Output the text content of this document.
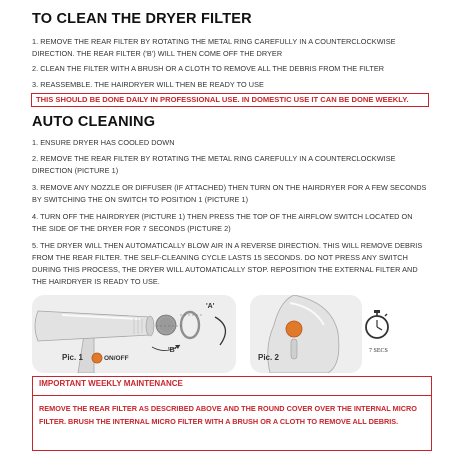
TO CLEAN THE DRYER FILTER

1. REMOVE THE REAR FILTER BY ROTATING THE METAL RING CAREFULLY IN A COUNTERCLOCKWISE DIRECTION. THE REAR FILTER ('B') WILL THEN COME OFF THE DRYER

2. CLEAN THE FILTER WITH A BRUSH OR A CLOTH TO REMOVE ALL THE DEBRIS FROM THE FILTER

3. REASSEMBLE. THE HAIRDRYER WILL THEN BE READY TO USE

THIS SHOULD BE DONE DAILY IN PROFESSIONAL USE. IN DOMESTIC USE IT CAN BE DONE WEEKLY.
AUTO CLEANING

1. ENSURE DRYER HAS COOLED DOWN

2. REMOVE THE REAR FILTER BY ROTATING THE METAL RING CAREFULLY IN A COUNTERCLOCKWISE DIRECTION (PICTURE 1)

3. REMOVE ANY NOZZLE OR DIFFUSER (IF ATTACHED) THEN TURN ON THE HAIRDRYER FOR A FEW SECONDS BY SWITCHING THE ON SWITCH TO POSITION 1 (PICTURE 1)

4. TURN OFF THE HAIRDRYER (PICTURE 1) THEN PRESS THE TOP OF THE AIRFLOW SWITCH LOCATED ON THE SIDE OF THE DRYER FOR 7 SECONDS (PICTURE 2)

5. THE DRYER WILL THEN AUTOMATICALLY BLOW AIR IN A REVERSE DIRECTION. THIS WILL REMOVE DEBRIS FROM THE REAR FILTER. THE SELF-CLEANING CYCLE LASTS 15 SECONDS. DO NOT PRESS ANY SWITCH DURING THIS PROCESS, THE DRYER WILL AUTOMATICALLY STOP. REPOSITION THE EXTERNAL FILTER AND THE HAIRDRYER IS READY TO USE.

'A'
'B'
ON/OFF
Pic. 1	Pic. 2
7 SECS
IMPORTANT WEEKLY MAINTENANCE
REMOVE THE REAR FILTER AS DESCRIBED ABOVE AND THE ROUND COVER OVER THE INTERNAL MICRO FILTER. BRUSH THE INTERNAL MICRO FILTER WITH A BRUSH OR A CLOTH TO REMOVE ALL DEBRIS.
